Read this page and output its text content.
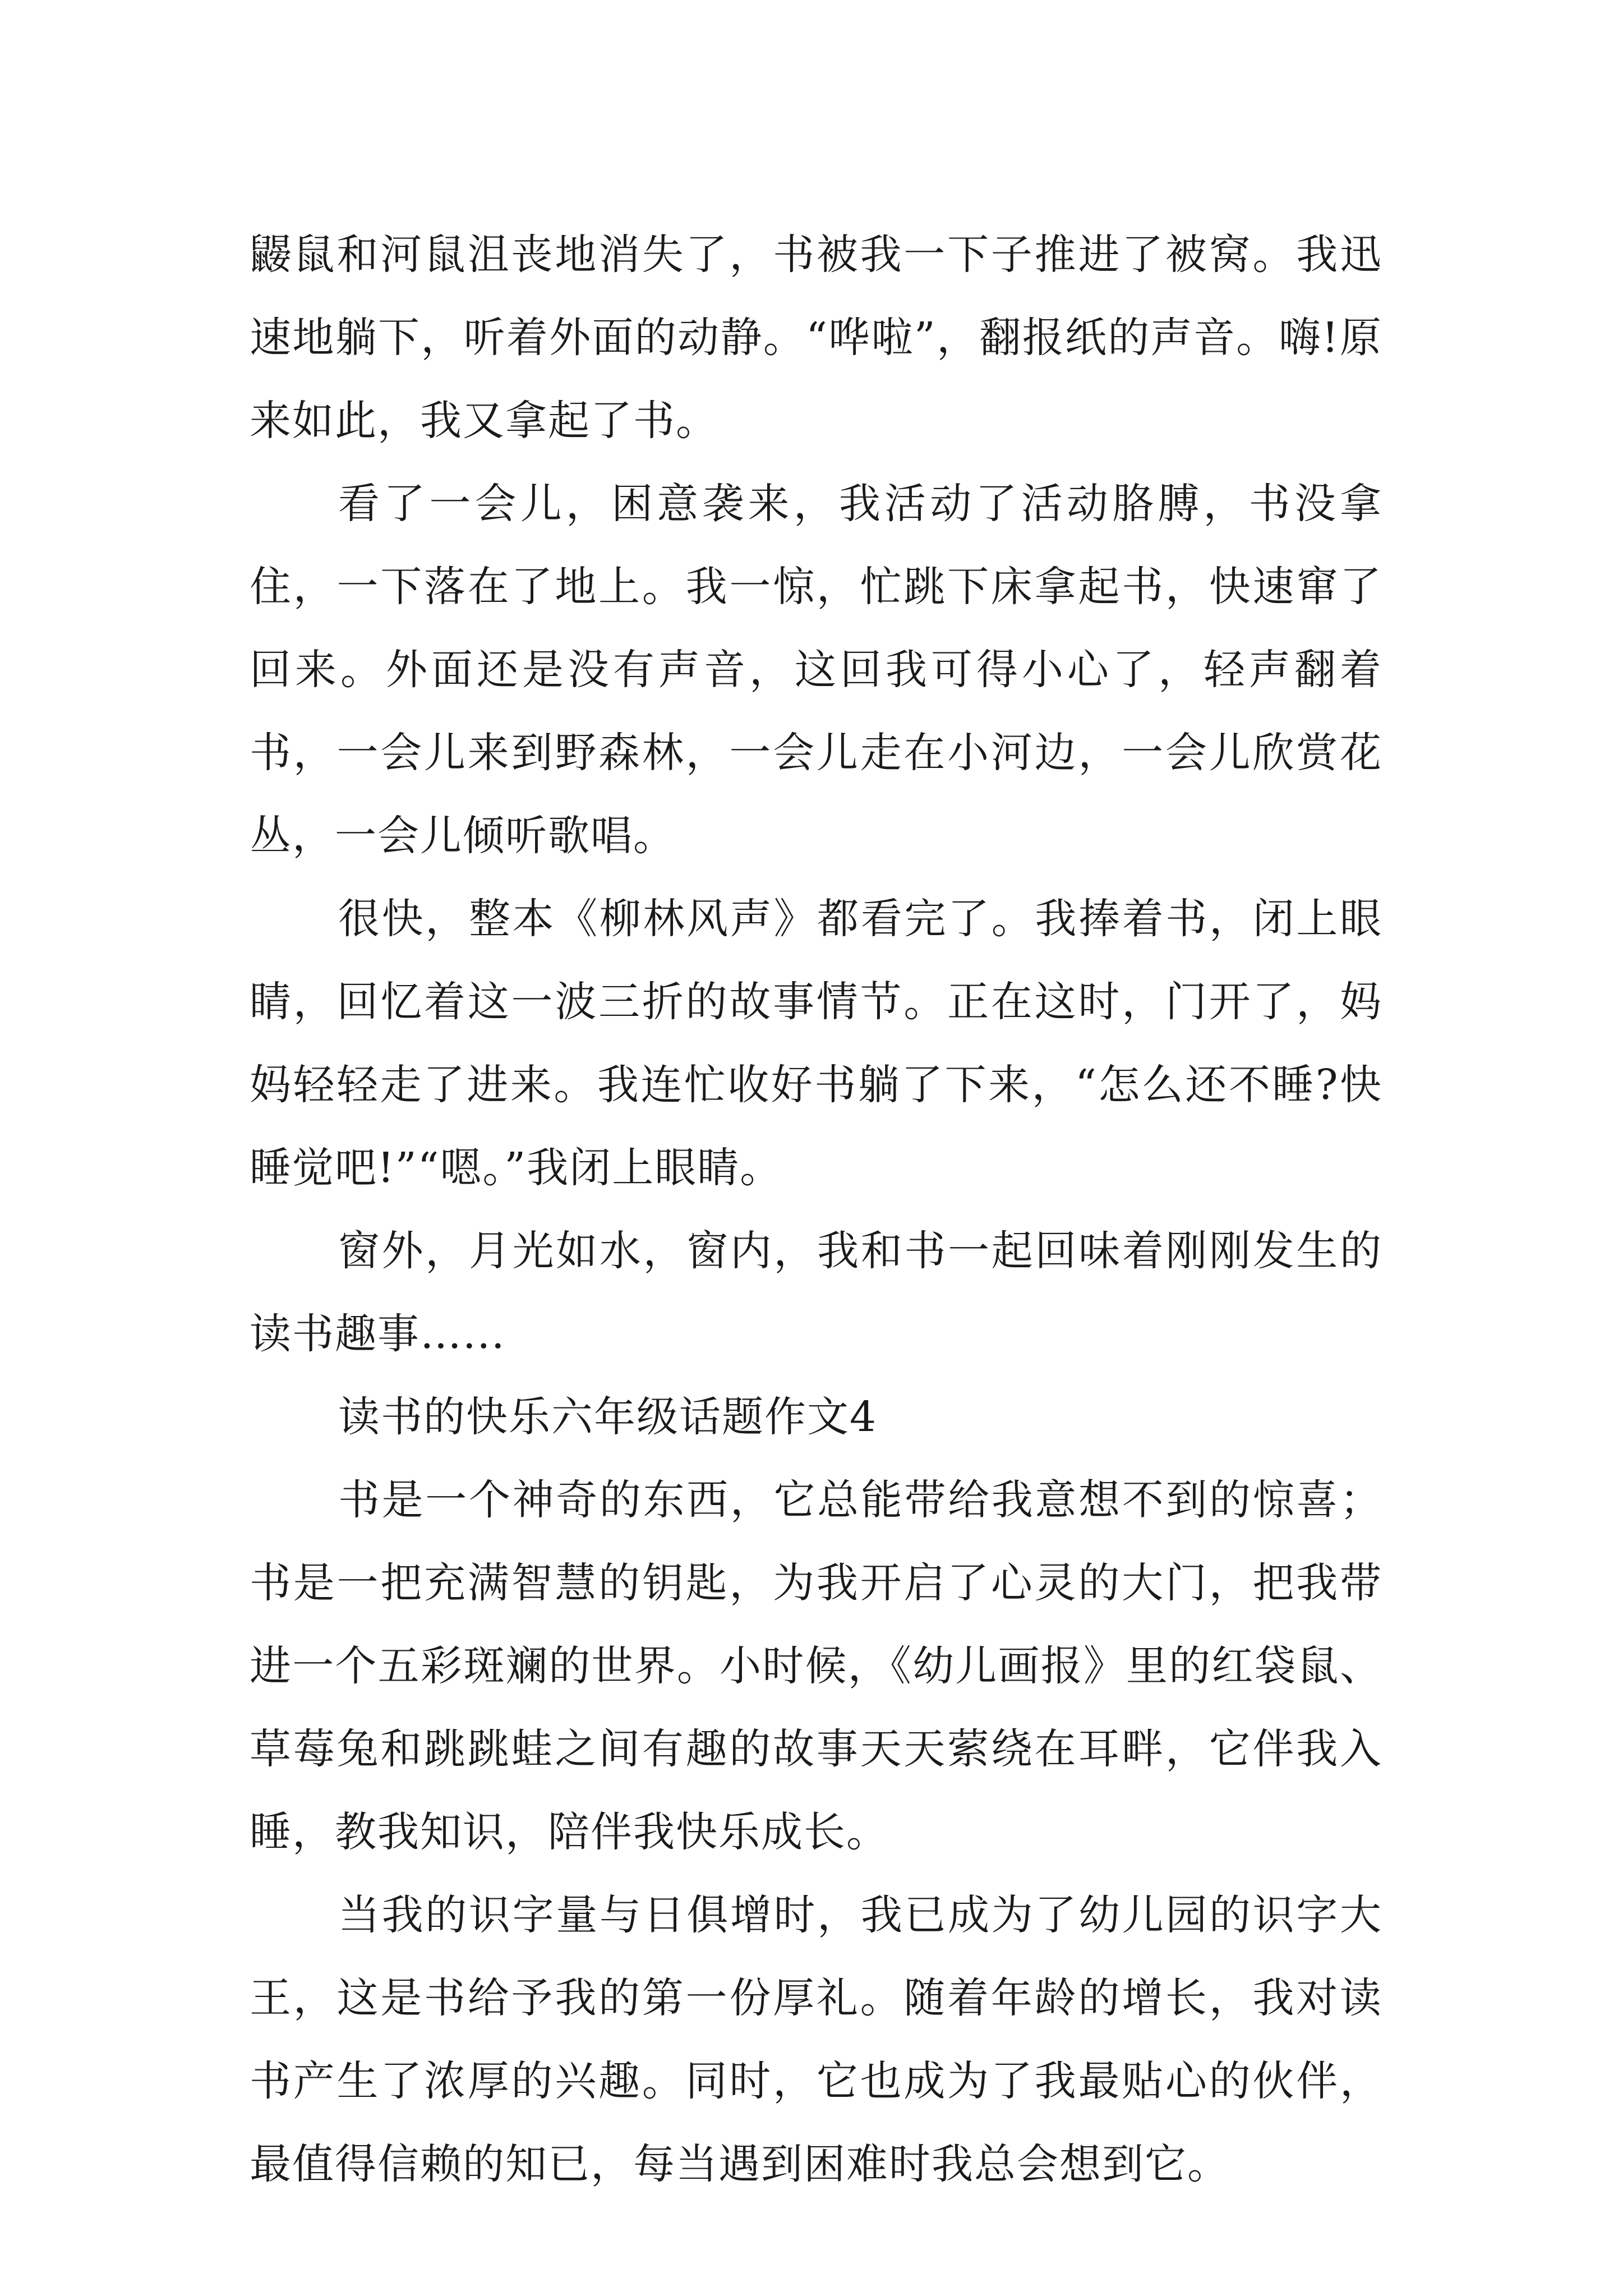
鼹鼠和河鼠沮丧地消失了，书被我一下子推进了被窝。我迅速地躺下，听着外面的动静。“哗啦”，翻报纸的声音。嗨!原来如此，我又拿起了书。

看了一会儿，困意袭来，我活动了活动胳膊，书没拿住，一下落在了地上。我一惊，忙跳下床拿起书，快速窜了回来。外面还是没有声音，这回我可得小心了，轻声翻着书，一会儿来到野森林，一会儿走在小河边，一会儿欣赏花丛，一会儿倾听歌唱。

很快，整本《柳林风声》都看完了。我捧着书，闭上眼睛，回忆着这一波三折的故事情节。正在这时，门开了，妈妈轻轻走了进来。我连忙收好书躺了下来，“怎么还不睡?快睡觉吧!”“嗯。”我闭上眼睛。

窗外，月光如水，窗内，我和书一起回味着刚刚发生的读书趣事…...

读书的快乐六年级话题作文4

书是一个神奇的东西，它总能带给我意想不到的惊喜；书是一把充满智慧的钥匙，为我开启了心灵的大门，把我带进一个五彩斑斓的世界。小时候，《幼儿画报》里的红袋鼠、草莓兔和跳跳蛙之间有趣的故事天天萦绕在耳畔，它伴我入睡，教我知识，陪伴我快乐成长。

当我的识字量与日俱增时，我已成为了幼儿园的识字大王，这是书给予我的第一份厚礼。随着年龄的增长，我对读书产生了浓厚的兴趣。同时，它也成为了我最贴心的伙伴，最值得信赖的知已，每当遇到困难时我总会想到它。
